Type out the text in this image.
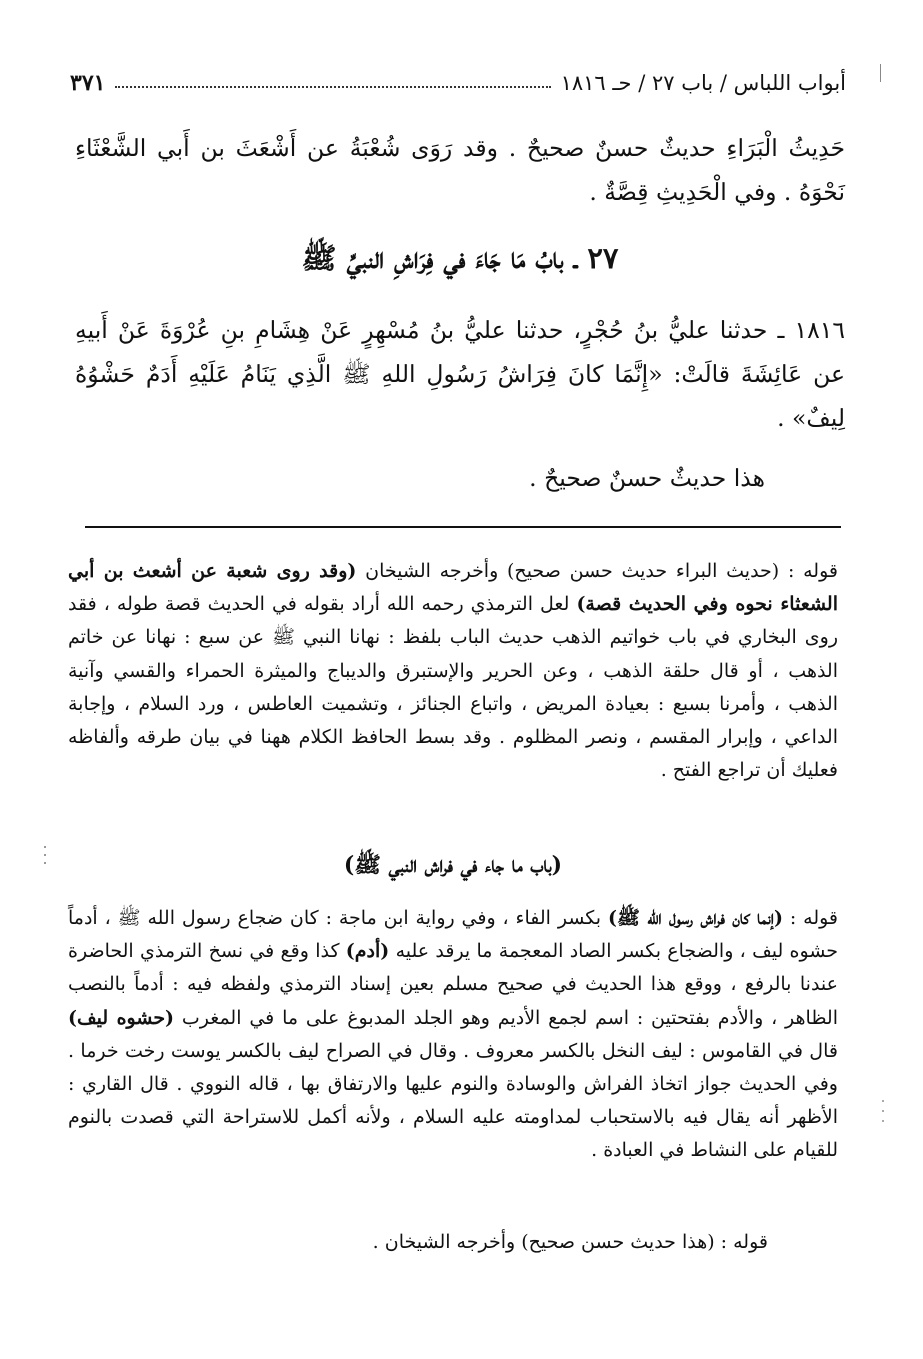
أبواب اللباس / باب ٢٧ / حـ ١٨١٦
٣٧١
حَدِيثُ الْبَرَاءِ حديثٌ حسنٌ صحيحٌ . وقد رَوَى شُعْبَةُ عن أَشْعَثَ بن أَبي الشَّعْثَاءِ نَحْوَهُ . وفي الْحَدِيثِ قِصَّةٌ .
٢٧ ـ بابُ مَا جَاءَ في فِرَاشِ النبيِّ ﷺ
١٨١٦ ـ حدثنا عليُّ بنُ حُجْرٍ، حدثنا عليُّ بنُ مُسْهِرٍ عَنْ هِشَامِ بنِ عُرْوَةَ عَنْ أَبيهِ عن عَائِشَةَ قالَتْ: «إِنَّمَا كانَ فِرَاشُ رَسُولِ اللهِ ﷺ الَّذِي يَنَامُ عَلَيْهِ أَدَمٌ حَشْوُهُ لِيفٌ» .
هذا حديثٌ حسنٌ صحيحٌ .
قوله : (حديث البراء حديث حسن صحيح) وأخرجه الشيخان (وقد روى شعبة عن أشعث بن أبي الشعثاء نحوه وفي الحديث قصة) لعل الترمذي رحمه الله أراد بقوله في الحديث قصة طوله ، فقد روى البخاري في باب خواتيم الذهب حديث الباب بلفظ : نهانا النبي ﷺ عن سبع : نهانا عن خاتم الذهب ، أو قال حلقة الذهب ، وعن الحرير والإستبرق والديباج والميثرة الحمراء والقسي وآنية الذهب ، وأمرنا بسبع : بعيادة المريض ، واتباع الجنائز ، وتشميت العاطس ، ورد السلام ، وإجابة الداعي ، وإبرار المقسم ، ونصر المظلوم . وقد بسط الحافظ الكلام ههنا في بيان طرقه وألفاظه فعليك أن تراجع الفتح .
(باب ما جاء في فراش النبي ﷺ)
قوله : (إنما كان فراش رسول الله ﷺ) بكسر الفاء ، وفي رواية ابن ماجة : كان ضجاع رسول الله ﷺ ، أدماً حشوه ليف ، والضجاع بكسر الصاد المعجمة ما يرقد عليه (أدم) كذا وقع في نسخ الترمذي الحاضرة عندنا بالرفع ، ووقع هذا الحديث في صحيح مسلم بعين إسناد الترمذي ولفظه فيه : أدماً بالنصب الظاهر ، والأدم بفتحتين : اسم لجمع الأديم وهو الجلد المدبوغ على ما في المغرب (حشوه ليف) قال في القاموس : ليف النخل بالكسر معروف . وقال في الصراح ليف بالكسر يوست رخت خرما . وفي الحديث جواز اتخاذ الفراش والوسادة والنوم عليها والارتفاق بها ، قاله النووي . قال القاري : الأظهر أنه يقال فيه بالاستحباب لمداومته عليه السلام ، ولأنه أكمل للاستراحة التي قصدت بالنوم للقيام على النشاط في العبادة .
قوله : (هذا حديث حسن صحيح) وأخرجه الشيخان .
